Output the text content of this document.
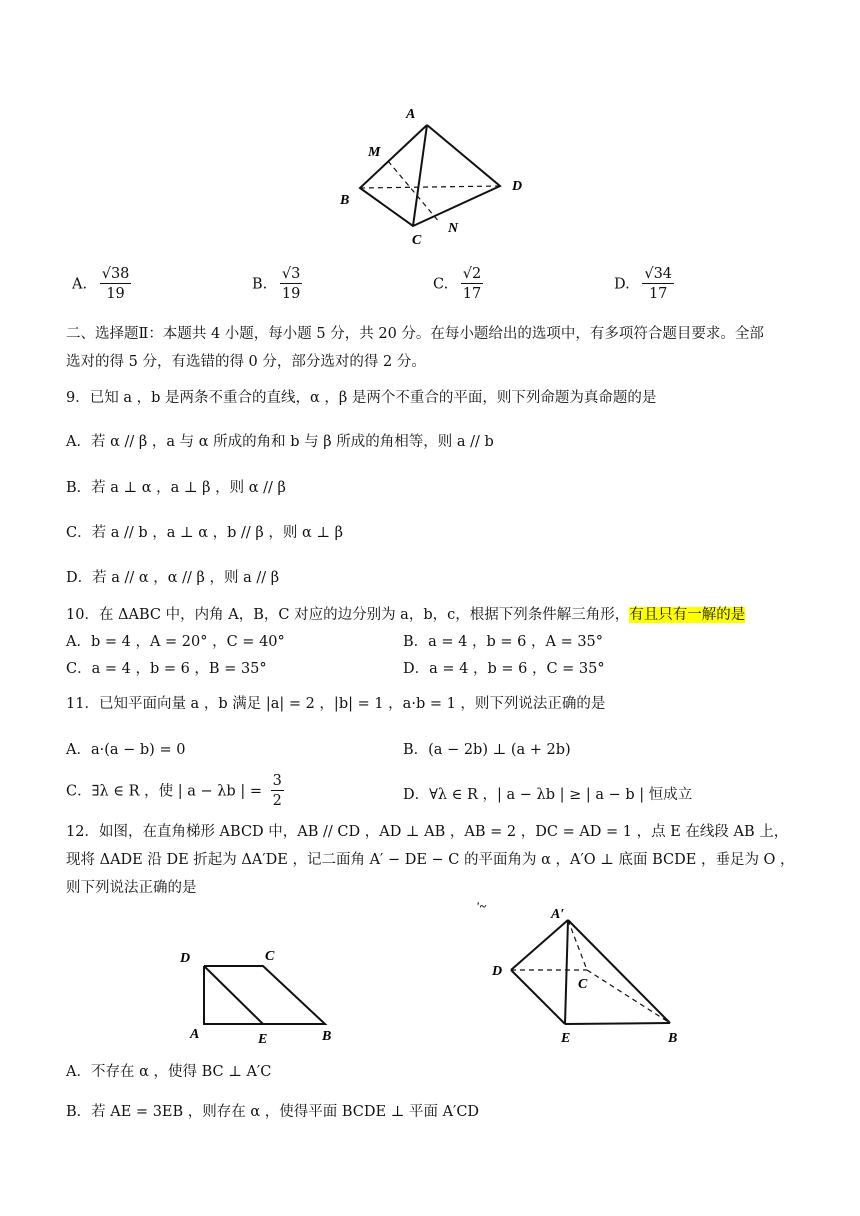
A
M
B
D
C
N
A. $\frac{√38}{19}$	B. $\frac{√3}{19}$	C. $\frac{√2}{17}$	D. $\frac{√34}{17}$
二、选择题Ⅱ：本题共 4 小题，每小题 5 分，共 20 分。在每小题给出的选项中，有多项符合题目要求。全部
选对的得 5 分，有选错的得 0 分，部分选对的得 2 分。
9．已知 a ，b 是两条不重合的直线，α ，β 是两个不重合的平面，则下列命题为真命题的是
A．若 α // β ，a 与 α 所成的角和 b 与 β 所成的角相等，则 a // b
B．若 a ⊥ α ，a ⊥ β ，则 α // β
C．若 a // b ，a ⊥ α ，b // β ，则 α ⊥ β
D．若 a // α ，α // β ，则 a // β
10．在 ΔABC 中，内角 A，B，C 对应的边分别为 a，b，c，根据下列条件解三角形，有且只有一解的是
A．b = 4 ，A = 20° ，C = 40°	B．a = 4 ，b = 6 ，A = 35°
C．a = 4 ，b = 6 ，B = 35°	D．a = 4 ，b = 6 ，C = 35°
11．已知平面向量 a ，b 满足 |a| = 2 ，|b| = 1 ，a·b = 1 ，则下列说法正确的是
A．a·(a − b) = 0	B．(a − 2b) ⊥ (a + 2b)
C．∃λ ∈ R ，使 | a − λb | = $\frac{3}{2}$	D．∀λ ∈ R ，| a − λb | ≥ | a − b | 恒成立
12．如图，在直角梯形 ABCD 中，AB // CD ，AD ⊥ AB ，AB = 2 ，DC = AD = 1 ，点 E 在线段 AB 上，
现将 ΔADE 沿 DE 折起为 ΔA′DE ，记二面角 A′ − DE − C 的平面角为 α ，A′O ⊥ 底面 BCDE ，垂足为 O ，
则下列说法正确的是
D	C
A	E	B
'~
A′
D
C
E	B
A．不存在 α ，使得 BC ⊥ A′C
B．若 AE = 3EB ，则存在 α ，使得平面 BCDE ⊥ 平面 A′CD
